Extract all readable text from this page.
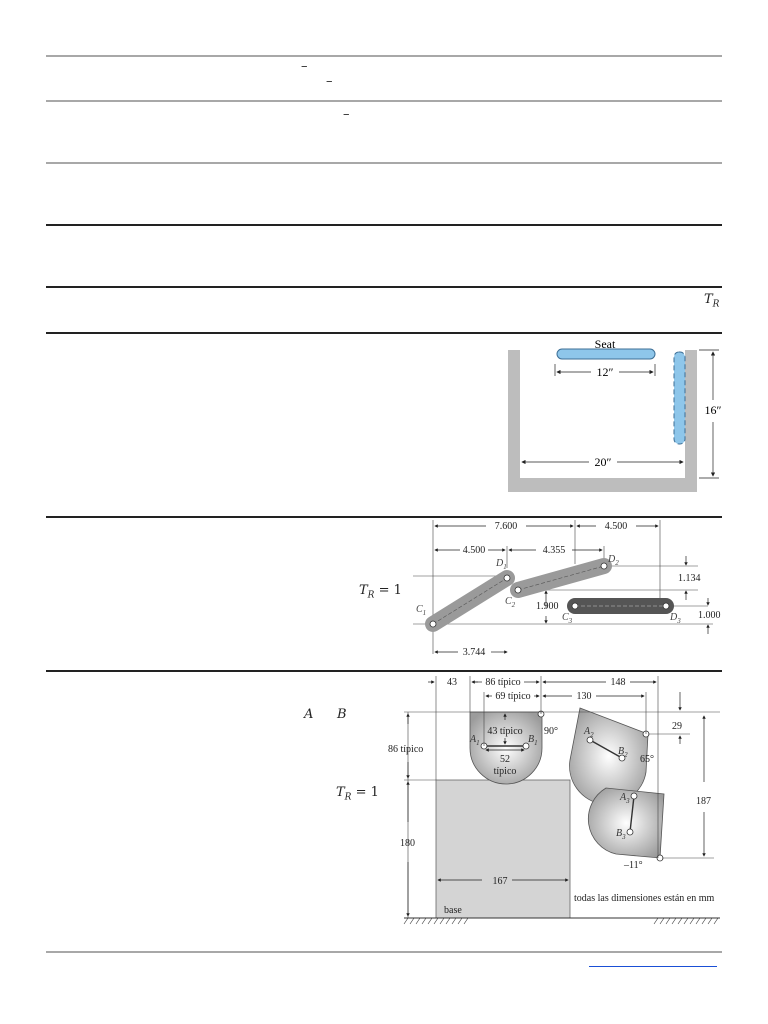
–
–
–
$T_R$
$T_R = 1$
A B
$T_R = 1$
Seat
12″
20″
16″
7.600	4.500
4.500	4.355
3.744
1.134
1.900
1.000
$C_1$
$D_1$
$C_2$
$D_2$
$C_3$	$D_3$
43	86 típico	148
69 típico	130
43 típico
52
típico
86 típico
29
187
180
167
90°
65°
–11°
base
todas las dimensiones están en mm
$A_1$	$B_1$
$A_2$
$B_2$
$A_3$
$B_3$
